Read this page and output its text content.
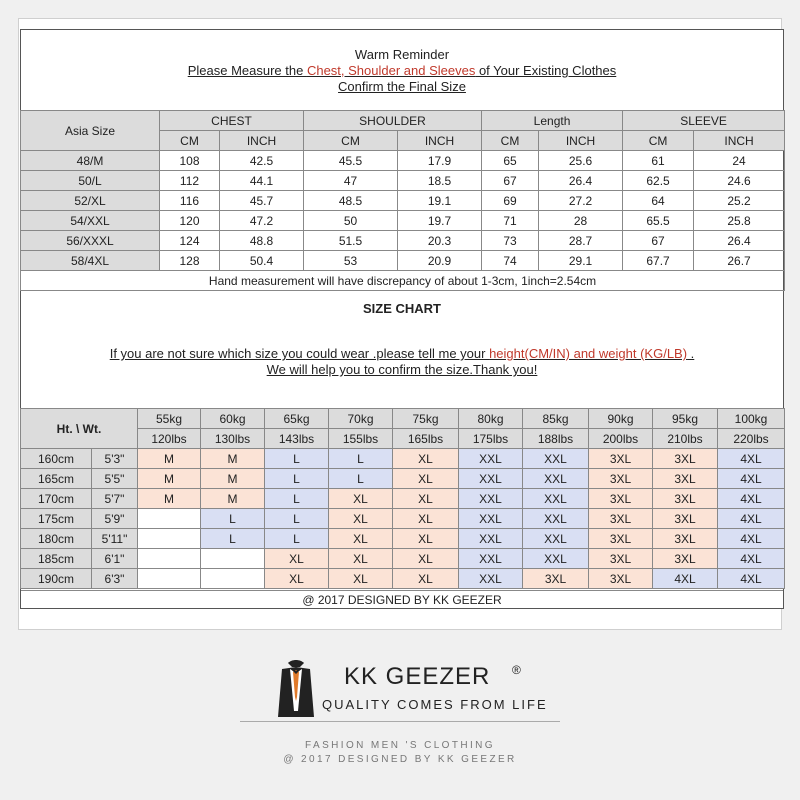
Warm Reminder
Please Measure the Chest, Shoulder and Sleeves of Your Existing Clothes
Confirm the Final Size
Asia Size	CHEST		SHOULDER		Length		SLEEVE	
	CM	INCH	CM	INCH	CM	INCH	CM	INCH
48/M	108	42.5	45.5	17.9	65	25.6	61	24
50/L	112	44.1	47	18.5	67	26.4	62.5	24.6
52/XL	116	45.7	48.5	19.1	69	27.2	64	25.2
54/XXL	120	47.2	50	19.7	71	28	65.5	25.8
56/XXXL	124	48.8	51.5	20.3	73	28.7	67	26.4
58/4XL	128	50.4	53	20.9	74	29.1	67.7	26.7
Hand measurement will have discrepancy of about 1-3cm, 1inch=2.54cm								
SIZE CHART
If you are not sure which size you could wear .please tell me your height(CM/IN) and weight (KG/LB) .
We will help you to confirm the size.Thank you!
Ht. \ Wt.		55kg	60kg	65kg	70kg	75kg	80kg	85kg	90kg	95kg	100kg
		120lbs	130lbs	143lbs	155lbs	165lbs	175lbs	188lbs	200lbs	210lbs	220lbs
160cm	5'3"	M	M	L	L	XL	XXL	XXL	3XL	3XL	4XL
165cm	5'5"	M	M	L	L	XL	XXL	XXL	3XL	3XL	4XL
170cm	5'7"	M	M	L	XL	XL	XXL	XXL	3XL	3XL	4XL
175cm	5'9"		L	L	XL	XL	XXL	XXL	3XL	3XL	4XL
180cm	5'11"		L	L	XL	XL	XXL	XXL	3XL	3XL	4XL
185cm	6'1"			XL	XL	XL	XXL	XXL	3XL	3XL	4XL
190cm	6'3"			XL	XL	XL	XXL	3XL	3XL	4XL	4XL
@ 2017 DESIGNED BY KK GEEZER
KK GEEZER ®
QUALITY COMES FROM LIFE
FASHION MEN 'S CLOTHING
@ 2017 DESIGNED BY KK GEEZER
